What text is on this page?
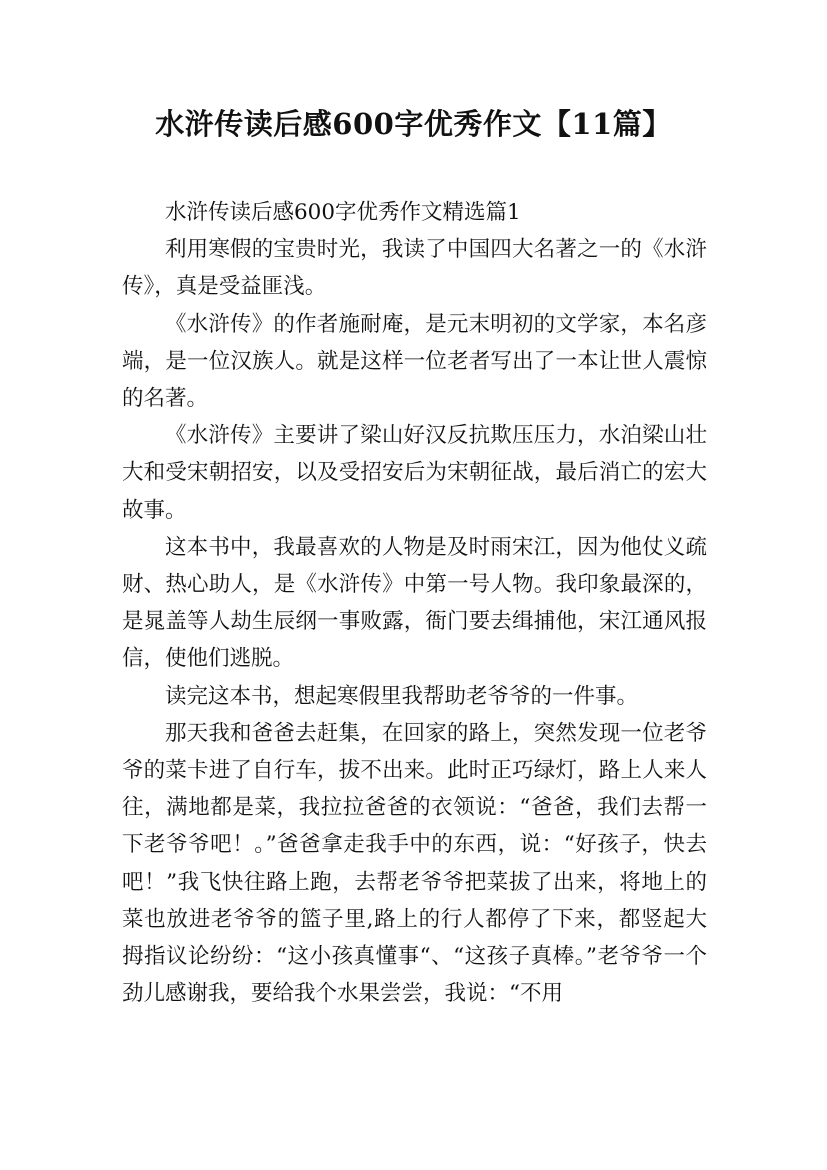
水浒传读后感600字优秀作文【11篇】

水浒传读后感600字优秀作文精选篇1

利用寒假的宝贵时光，我读了中国四大名著之一的《水浒传》，真是受益匪浅。

《水浒传》的作者施耐庵，是元末明初的文学家，本名彦端，是一位汉族人。就是这样一位老者写出了一本让世人震惊的名著。

《水浒传》主要讲了梁山好汉反抗欺压压力，水泊梁山壮大和受宋朝招安，以及受招安后为宋朝征战，最后消亡的宏大故事。

这本书中，我最喜欢的人物是及时雨宋江，因为他仗义疏财、热心助人，是《水浒传》中第一号人物。我印象最深的，是晁盖等人劫生辰纲一事败露，衙门要去缉捕他，宋江通风报信，使他们逃脱。

读完这本书，想起寒假里我帮助老爷爷的一件事。

那天我和爸爸去赶集，在回家的路上，突然发现一位老爷爷的菜卡进了自行车，拔不出来。此时正巧绿灯，路上人来人往，满地都是菜，我拉拉爸爸的衣领说：“爸爸，我们去帮一下老爷爷吧！。”爸爸拿走我手中的东西，说：“好孩子，快去吧！”我飞快往路上跑，去帮老爷爷把菜拔了出来，将地上的菜也放进老爷爷的篮子里,路上的行人都停了下来，都竖起大拇指议论纷纷：“这小孩真懂事“、“这孩子真棒。”老爷爷一个劲儿感谢我，要给我个水果尝尝，我说：“不用
